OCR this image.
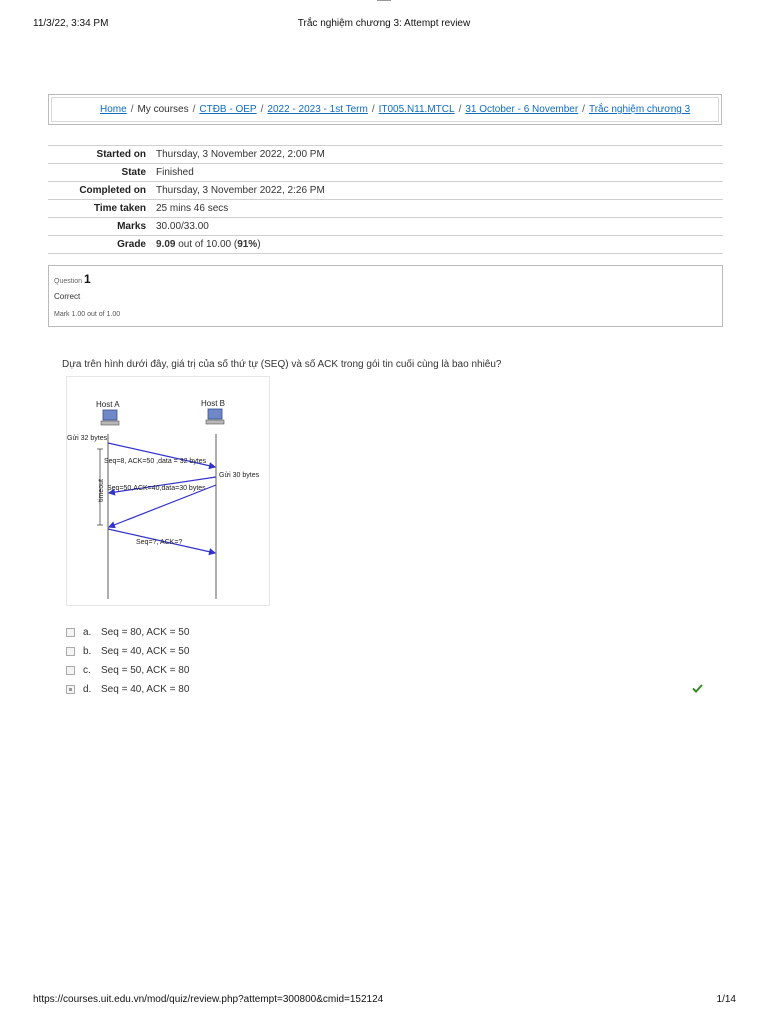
11/3/22, 3:34 PM	Trắc nghiệm chương 3: Attempt review
Home / My courses / CTĐB - OEP / 2022 - 2023 - 1st Term / IT005.N11.MTCL / 31 October - 6 November / Trắc nghiệm chương 3
Started on	Thursday, 3 November 2022, 2:00 PM
State	Finished
Completed on	Thursday, 3 November 2022, 2:26 PM
Time taken	25 mins 46 secs
Marks	30.00/33.00
Grade	9.09 out of 10.00 (91%)
Question 1
Correct
Mark 1.00 out of 1.00
Dựa trên hình dưới đây, giá trị của số thứ tự (SEQ) và số ACK trong gói tin cuối cùng là bao nhiêu?
Host A	Host B
Gửi 32 bytes
Seq=8, ACK=50 ,data = 32 bytes
Gửi 30 bytes
Seq=50,ACK=40,data=30 bytes
timeout
Seq=?, ACK=?
a. Seq = 80, ACK = 50
b. Seq = 40, ACK = 50
c. Seq = 50, ACK = 80
d. Seq = 40, ACK = 80
https://courses.uit.edu.vn/mod/quiz/review.php?attempt=300800&cmid=152124	1/14
